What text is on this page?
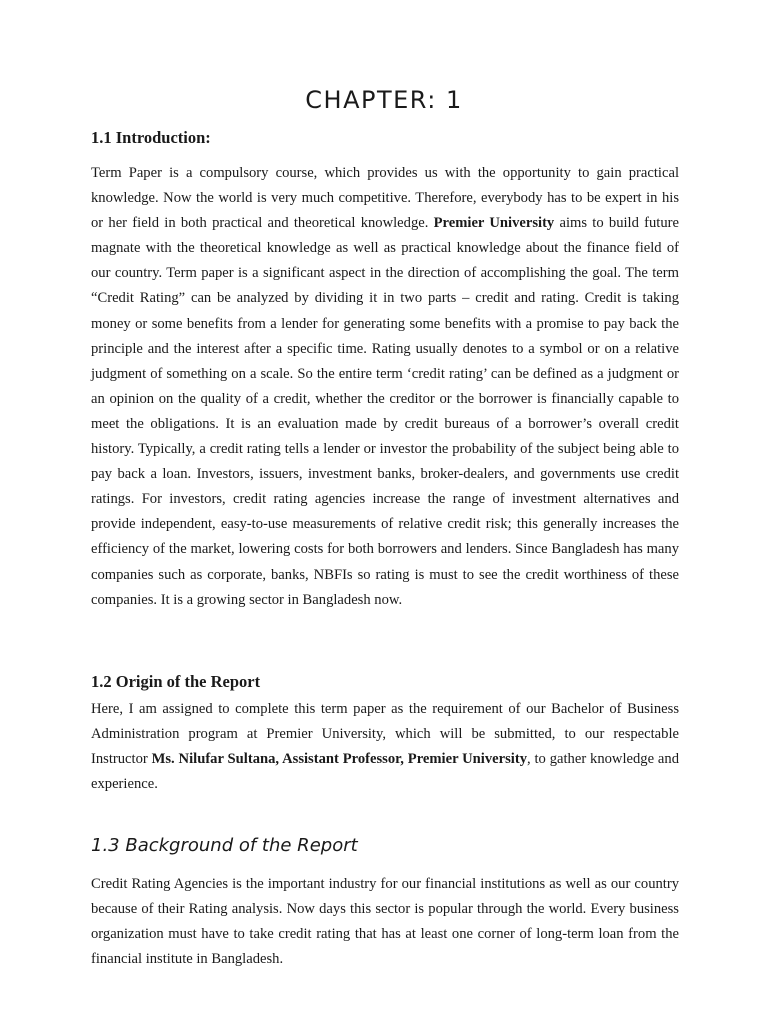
CHAPTER: 1
1.1 Introduction:

Term Paper is a compulsory course, which provides us with the opportunity to gain practical knowledge. Now the world is very much competitive. Therefore, everybody has to be expert in his or her field in both practical and theoretical knowledge. Premier University aims to build future magnate with the theoretical knowledge as well as practical knowledge about the finance field of our country. Term paper is a significant aspect in the direction of accomplishing the goal. The term “Credit Rating” can be analyzed by dividing it in two parts – credit and rating. Credit is taking money or some benefits from a lender for generating some benefits with a promise to pay back the principle and the interest after a specific time. Rating usually denotes to a symbol or on a relative judgment of something on a scale. So the entire term ‘credit rating’ can be defined as a judgment or an opinion on the quality of a credit, whether the creditor or the borrower is financially capable to meet the obligations. It is an evaluation made by credit bureaus of a borrower’s overall credit history. Typically, a credit rating tells a lender or investor the probability of the subject being able to pay back a loan. Investors, issuers, investment banks, broker-dealers, and governments use credit ratings. For investors, credit rating agencies increase the range of investment alternatives and provide independent, easy-to-use measurements of relative credit risk; this generally increases the efficiency of the market, lowering costs for both borrowers and lenders. Since Bangladesh has many companies such as corporate, banks, NBFIs so rating is must to see the credit worthiness of these companies. It is a growing sector in Bangladesh now.

1.2 Origin of the Report

Here, I am assigned to complete this term paper as the requirement of our Bachelor of Business Administration program at Premier University, which will be submitted, to our respectable Instructor Ms. Nilufar Sultana, Assistant Professor, Premier University, to gather knowledge and experience.

1.3 Background of the Report

Credit Rating Agencies is the important industry for our financial institutions as well as our country because of their Rating analysis. Now days this sector is popular through the world. Every business organization must have to take credit rating that has at least one corner of long-term loan from the financial institute in Bangladesh.
